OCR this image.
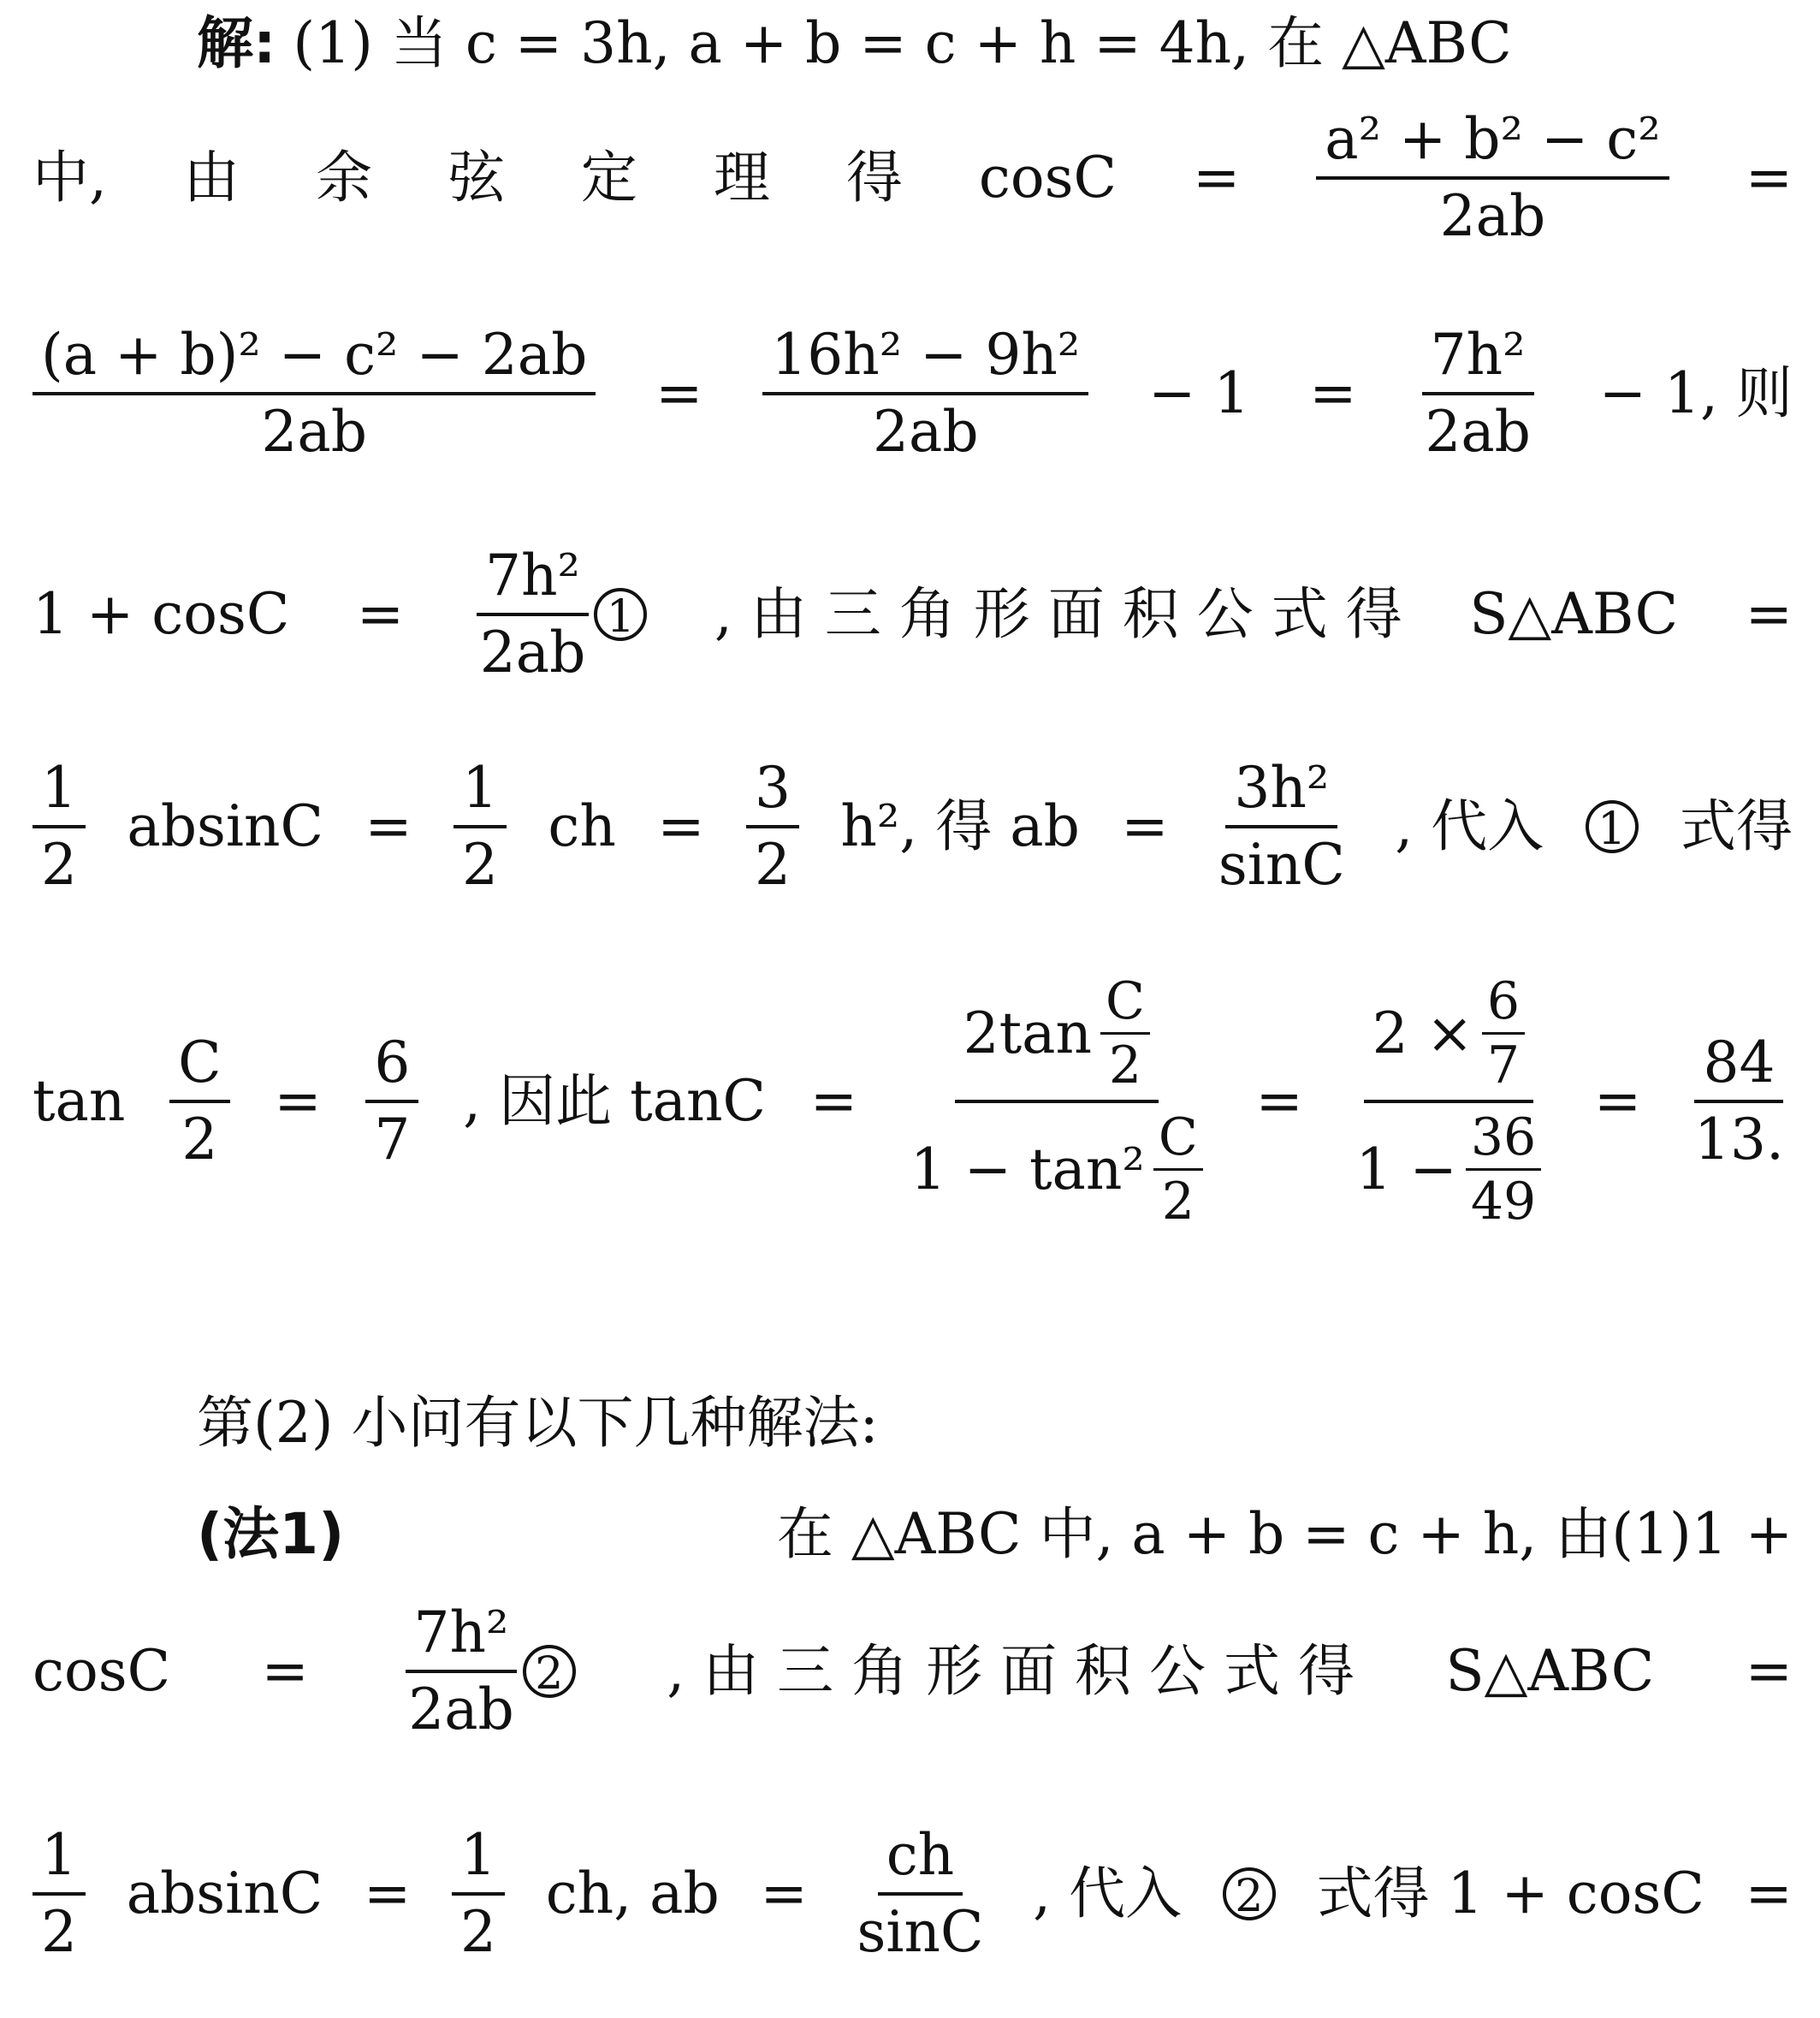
解: (1) 当 c = 3h, a + b = c + h = 4h, 在 △ABC
中, 由 余 弦 定 理 得 $\cos C = \frac{\text{a² + b² − c²}}{2ab}$ =
$\frac{\text{(a + b)² − c² − 2ab}}{2ab} = \frac{\text{16h² − 9h²}}{2ab} - 1 = \frac{\text{7h²}}{2ab} - 1$, 则
$1 + \cos C = \frac{\text{7h²}}{2ab} 1$ , 由 三 角 形 面 积 公 式 得 S△ABC =
$\frac{1}{2}$ $absinC = \frac{1}{2}$ ch = $\frac{3}{2} h^2$, 得 ab = $\frac{\text{3h²}}{\sin C}$ , 代入 1 式得
$\tan \frac{C}{2} = \frac{6}{7}$ , 因此 $\tan C = \frac{2\tan \frac{C}{2}}{1 - \tan^2 \frac{C}{2}} = \frac{2 \times \frac{6}{7}}{1 - \frac{36}{49}} = \frac{84}{13.}$
第(2) 小问有以下几种解法:
(法1)	在 △ABC 中, a + b = c + h, 由(1)1 +
$\cos C = \frac{\text{7h²}}{2ab} 2$ , 由 三 角 形 面 积 公 式 得 S△ABC =
$\frac{1}{2}$ $absinC = \frac{1}{2}$ ch, ab = $\frac{ch}{\sin C}$ , 代入 2 式得 1 + cosC =
